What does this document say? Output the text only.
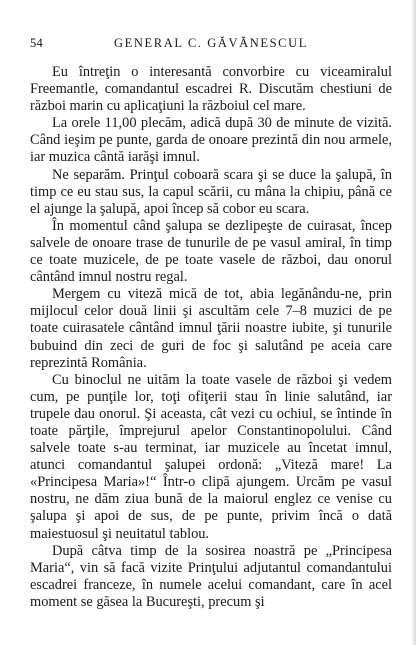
54	GENERAL C. GĂVĂNESCUL

Eu întreţin o interesantă convorbire cu viceamiralul Freemantle, comandantul escadrei R. Discutăm chestiuni de război marin cu aplicaţiuni la războiul cel mare.

La orele 11,00 plecăm, adică după 30 de minute de vizită. Când ieşim pe punte, garda de onoare prezintă din nou armele, iar muzica cântă iarăşi imnul.

Ne separăm. Prinţul coboară scara şi se duce la şalupă, în timp ce eu stau sus, la capul scării, cu mâna la chipiu, până ce el ajunge la şalupă, apoi încep să cobor eu scara.

În momentul când şalupa se dezlipeşte de cuirasat, încep salvele de onoare trase de tunurile de pe vasul amiral, în timp ce toate muzicele, de pe toate vasele de război, dau onorul cântând imnul nostru regal.

Mergem cu viteză mică de tot, abia legănându-ne, prin mijlocul celor două linii şi ascultăm cele 7–8 muzici de pe toate cuirasatele cântând imnul ţării noastre iubite, şi tunurile bubuind din zeci de guri de foc şi salutând pe aceia care reprezintă România.

Cu binoclul ne uităm la toate vasele de război şi vedem cum, pe punţile lor, toţi ofiţerii stau în linie salutând, iar trupele dau onorul. Şi aceasta, cât vezi cu ochiul, se întinde în toate părţile, împrejurul apelor Constantinopolului. Când salvele toate s-au terminat, iar muzicele au încetat imnul, atunci comandantul şalupei ordonă: „Viteză mare! La «Principesa Maria»!“ Într-o clipă ajungem. Urcăm pe vasul nostru, ne dăm ziua bună de la maiorul englez ce venise cu şalupa şi apoi de sus, de pe punte, privim încă o dată maiestuosul şi neuitatul tablou.

După câtva timp de la sosirea noastră pe „Principesa Maria“, vin să facă vizite Prinţului adjutantul comandantului escadrei franceze, în numele acelui comandant, care în acel moment se găsea la Bucureşti, precum şi
